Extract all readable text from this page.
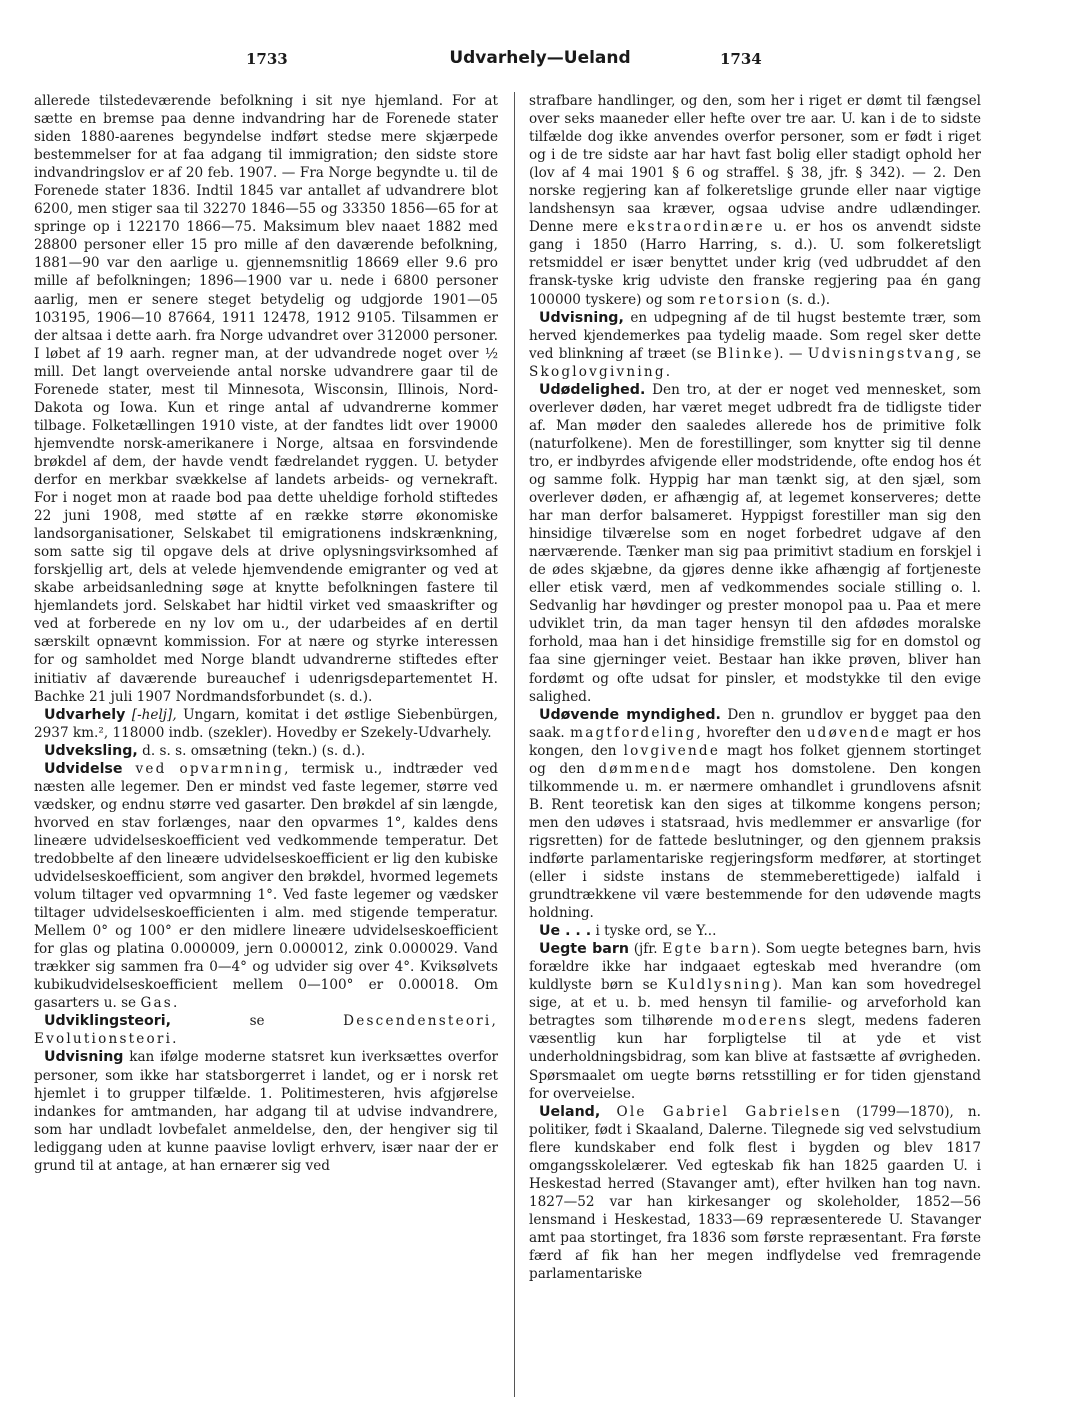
1733	Udvarhely—Ueland	1734

allerede tilstedeværende befolkning i sit nye hjemland. For at sætte en bremse paa denne indvandring har de Forenede stater siden 1880-aarenes begyndelse indført stedse mere skjærpede bestemmelser for at faa adgang til immigration; den sidste store indvandringslov er af 20 feb. 1907. — Fra Norge begyndte u. til de Forenede stater 1836. Indtil 1845 var antallet af udvandrere blot 6200, men stiger saa til 32270 1846—55 og 33350 1856—65 for at springe op i 122170 1866—75. Maksimum blev naaet 1882 med 28800 personer eller 15 pro mille af den daværende befolkning, 1881—90 var den aarlige u. gjennemsnitlig 18669 eller 9.6 pro mille af befolkningen; 1896—1900 var u. nede i 6800 personer aarlig, men er senere steget betydelig og udgjorde 1901—05 103195, 1906—10 87664, 1911 12478, 1912 9105. Tilsammen er der altsaa i dette aarh. fra Norge udvandret over 312000 personer. I løbet af 19 aarh. regner man, at der udvandrede noget over ½ mill. Det langt overveiende antal norske udvandrere gaar til de Forenede stater, mest til Minnesota, Wisconsin, Illinois, Nord-Dakota og Iowa. Kun et ringe antal af udvandrerne kommer tilbage. Folketællingen 1910 viste, at der fandtes lidt over 19000 hjemvendte norsk-amerikanere i Norge, altsaa en forsvindende brøkdel af dem, der havde vendt fædrelandet ryggen. U. betyder derfor en merkbar svækkelse af landets arbeids- og vernekraft. For i noget mon at raade bod paa dette uheldige forhold stiftedes 22 juni 1908, med støtte af en række større økonomiske landsorganisationer, Selskabet til emigrationens indskrænkning, som satte sig til opgave dels at drive oplysningsvirksomhed af forskjellig art, dels at velede hjemvendende emigranter og ved at skabe arbeidsanledning søge at knytte befolkningen fastere til hjemlandets jord. Selskabet har hidtil virket ved smaaskrifter og ved at forberede en ny lov om u., der udarbeides af en dertil særskilt opnævnt kommission. For at nære og styrke interessen for og samholdet med Norge blandt udvandrerne stiftedes efter initiativ af daværende bureauchef i udenrigsdepartementet H. Bachke 21 juli 1907 Nordmandsforbundet (s. d.).

Udvarhely [-helj], Ungarn, komitat i det østlige Siebenbürgen, 2937 km.², 118000 indb. (szekler). Hovedby er Szekely-Udvarhely.

Udveksling, d. s. s. omsætning (tekn.) (s. d.).

Udvidelse ved opvarmning, termisk u., indtræder ved næsten alle legemer. Den er mindst ved faste legemer, større ved vædsker, og endnu større ved gasarter. Den brøkdel af sin længde, hvorved en stav forlænges, naar den opvarmes 1°, kaldes dens lineære udvidelseskoefficient ved vedkommende temperatur. Det tredobbelte af den lineære udvidelseskoefficient er lig den kubiske udvidelseskoefficient, som angiver den brøkdel, hvormed legemets volum tiltager ved opvarmning 1°. Ved faste legemer og vædsker tiltager udvidelseskoefficienten i alm. med stigende temperatur. Mellem 0° og 100° er den midlere lineære udvidelseskoefficient for glas og platina 0.000009, jern 0.000012, zink 0.000029. Vand trækker sig sammen fra 0—4° og udvider sig over 4°. Kviksølvets kubikudvidelseskoefficient mellem 0—100° er 0.00018. Om gasarters u. se Gas.

Udviklingsteori, se Descendensteori, Evolutionsteori.

Udvisning kan ifølge moderne statsret kun iverksættes overfor personer, som ikke har statsborgerret i landet, og er i norsk ret hjemlet i to grupper tilfælde. 1. Politimesteren, hvis afgjørelse indankes for amtmanden, har adgang til at udvise indvandrere, som har undladt lovbefalet anmeldelse, den, der hengiver sig til lediggang uden at kunne paavise lovligt erhverv, især naar der er grund til at antage, at han ernærer sig ved

strafbare handlinger, og den, som her i riget er dømt til fængsel over seks maaneder eller hefte over tre aar. U. kan i de to sidste tilfælde dog ikke anvendes overfor personer, som er født i riget og i de tre sidste aar har havt fast bolig eller stadigt ophold her (lov af 4 mai 1901 § 6 og straffel. § 38, jfr. § 342). — 2. Den norske regjering kan af folkeretslige grunde eller naar vigtige landshensyn saa kræver, ogsaa udvise andre udlændinger. Denne mere ekstraordinære u. er hos os anvendt sidste gang i 1850 (Harro Harring, s. d.). U. som folkeretsligt retsmiddel er især benyttet under krig (ved udbruddet af den fransk-tyske krig udviste den franske regjering paa én gang 100000 tyskere) og som retorsion (s. d.).

Udvisning, en udpegning af de til hugst bestemte trær, som herved kjendemerkes paa tydelig maade. Som regel sker dette ved blinkning af træet (se Blinke). — Udvisningstvang, se Skoglovgivning.

Udødelighed. Den tro, at der er noget ved mennesket, som overlever døden, har været meget udbredt fra de tidligste tider af. Man møder den saaledes allerede hos de primitive folk (naturfolkene). Men de forestillinger, som knytter sig til denne tro, er indbyrdes afvigende eller modstridende, ofte endog hos ét og samme folk. Hyppig har man tænkt sig, at den sjæl, som overlever døden, er afhængig af, at legemet konserveres; dette har man derfor balsameret. Hyppigst forestiller man sig den hinsidige tilværelse som en noget forbedret udgave af den nærværende. Tænker man sig paa primitivt stadium en forskjel i de ødes skjæbne, da gjøres denne ikke afhængig af fortjeneste eller etisk værd, men af vedkommendes sociale stilling o. l. Sedvanlig har høvdinger og prester monopol paa u. Paa et mere udviklet trin, da man tager hensyn til den afdødes moralske forhold, maa han i det hinsidige fremstille sig for en domstol og faa sine gjerninger veiet. Bestaar han ikke prøven, bliver han fordømt og ofte udsat for pinsler, et modstykke til den evige salighed.

Udøvende myndighed. Den n. grundlov er bygget paa den saak. magtfordeling, hvorefter den udøvende magt er hos kongen, den lovgivende magt hos folket gjennem stortinget og den dømmende magt hos domstolene. Den kongen tilkommende u. m. er nærmere omhandlet i grundlovens afsnit B. Rent teoretisk kan den siges at tilkomme kongens person; men den udøves i statsraad, hvis medlemmer er ansvarlige (for rigsretten) for de fattede beslutninger, og den gjennem praksis indførte parlamentariske regjeringsform medfører, at stortinget (eller i sidste instans de stemmeberettigede) ialfald i grundtrækkene vil være bestemmende for den udøvende magts holdning.

Ue . . . i tyske ord, se Y...

Uegte barn (jfr. Egte barn). Som uegte betegnes barn, hvis forældre ikke har indgaaet egteskab med hverandre (om kuldlyste børn se Kuldlysning). Man kan som hovedregel sige, at et u. b. med hensyn til familie- og arveforhold kan betragtes som tilhørende moderens slegt, medens faderen væsentlig kun har forpligtelse til at yde et vist underholdningsbidrag, som kan blive at fastsætte af øvrigheden. Spørsmaalet om uegte børns retsstilling er for tiden gjenstand for overveielse.

Ueland, Ole Gabriel Gabrielsen (1799—1870), n. politiker, født i Skaaland, Dalerne. Tilegnede sig ved selvstudium flere kundskaber end folk flest i bygden og blev 1817 omgangsskolelærer. Ved egteskab fik han 1825 gaarden U. i Heskestad herred (Stavanger amt), efter hvilken han tog navn. 1827—52 var han kirkesanger og skoleholder, 1852—56 lensmand i Heskestad, 1833—69 repræsenterede U. Stavanger amt paa stortinget, fra 1836 som første repræsentant. Fra første færd af fik han her megen indflydelse ved fremragende parlamentariske
